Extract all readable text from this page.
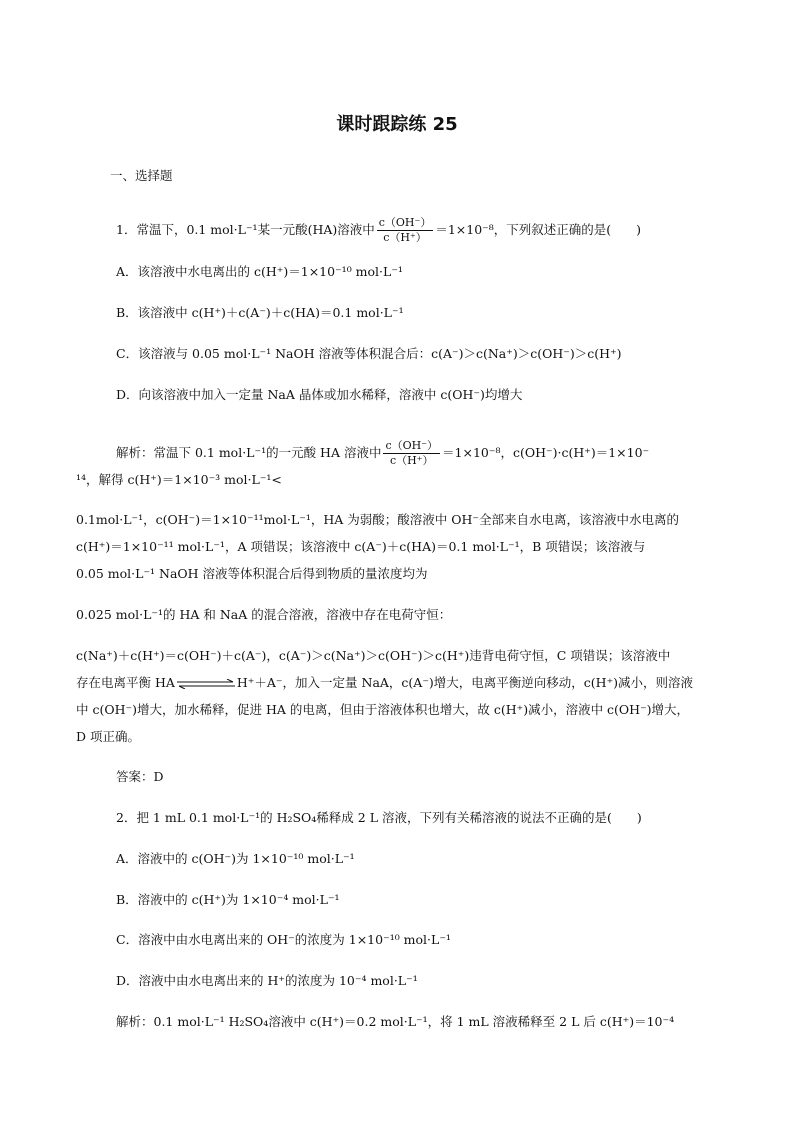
课时跟踪练 25
一、选择题
1．常温下，0.1 mol·L⁻¹某一元酸(HA)溶液中 $\frac{c(OH^-)}{c(H^+)} =1\times 10^{-8}$，下列叙述正确的是(　　)
A．该溶液中水电离出的 c(H⁺)＝1×10⁻¹⁰ mol·L⁻¹
B．该溶液中 c(H⁺)＋c(A⁻)＋c(HA)＝0.1 mol·L⁻¹
C．该溶液与 0.05 mol·L⁻¹ NaOH 溶液等体积混合后：c(A⁻)＞c(Na⁺)＞c(OH⁻)＞c(H⁺)
D．向该溶液中加入一定量 NaA 晶体或加水稀释，溶液中 c(OH⁻)均增大
解析：常温下 0.1 mol·L⁻¹的一元酸 HA 溶液中 $\frac{c(OH^-)}{c(H^+)} =1\times 10^{-8}$，c(OH⁻)·c(H⁺)＝1×10⁻
¹⁴，解得 c(H⁺)＝1×10⁻³ mol·L⁻¹<
0.1mol·L⁻¹，c(OH⁻)＝1×10⁻¹¹mol·L⁻¹，HA 为弱酸；酸溶液中 OH⁻全部来自水电离，该溶液中水电离的
c(H⁺)＝1×10⁻¹¹ mol·L⁻¹，A 项错误；该溶液中 c(A⁻)＋c(HA)＝0.1 mol·L⁻¹，B 项错误；该溶液与
0.05 mol·L⁻¹ NaOH 溶液等体积混合后得到物质的量浓度均为
0.025 mol·L⁻¹的 HA 和 NaA 的混合溶液，溶液中存在电荷守恒：
c(Na⁺)＋c(H⁺)＝c(OH⁻)＋c(A⁻)，c(A⁻)＞c(Na⁺)＞c(OH⁻)＞c(H⁺)违背电荷守恒，C 项错误；该溶液中
存在电离平衡 HA	H⁺＋A⁻，加入一定量 NaA，c(A⁻)增大，电离平衡逆向移动，c(H⁺)减小，则溶液
中 c(OH⁻)增大，加水稀释，促进 HA 的电离，但由于溶液体积也增大，故 c(H⁺)减小，溶液中 c(OH⁻)增大，
D 项正确。
答案：D
2．把 1 mL 0.1 mol·L⁻¹的 H₂SO₄稀释成 2 L 溶液，下列有关稀溶液的说法不正确的是(　　)
A．溶液中的 c(OH⁻)为 1×10⁻¹⁰ mol·L⁻¹
B．溶液中的 c(H⁺)为 1×10⁻⁴ mol·L⁻¹
C．溶液中由水电离出来的 OH⁻的浓度为 1×10⁻¹⁰ mol·L⁻¹
D．溶液中由水电离出来的 H⁺的浓度为 10⁻⁴ mol·L⁻¹
解析：0.1 mol·L⁻¹ H₂SO₄溶液中 c(H⁺)＝0.2 mol·L⁻¹，将 1 mL 溶液稀释至 2 L 后 c(H⁺)＝10⁻⁴
